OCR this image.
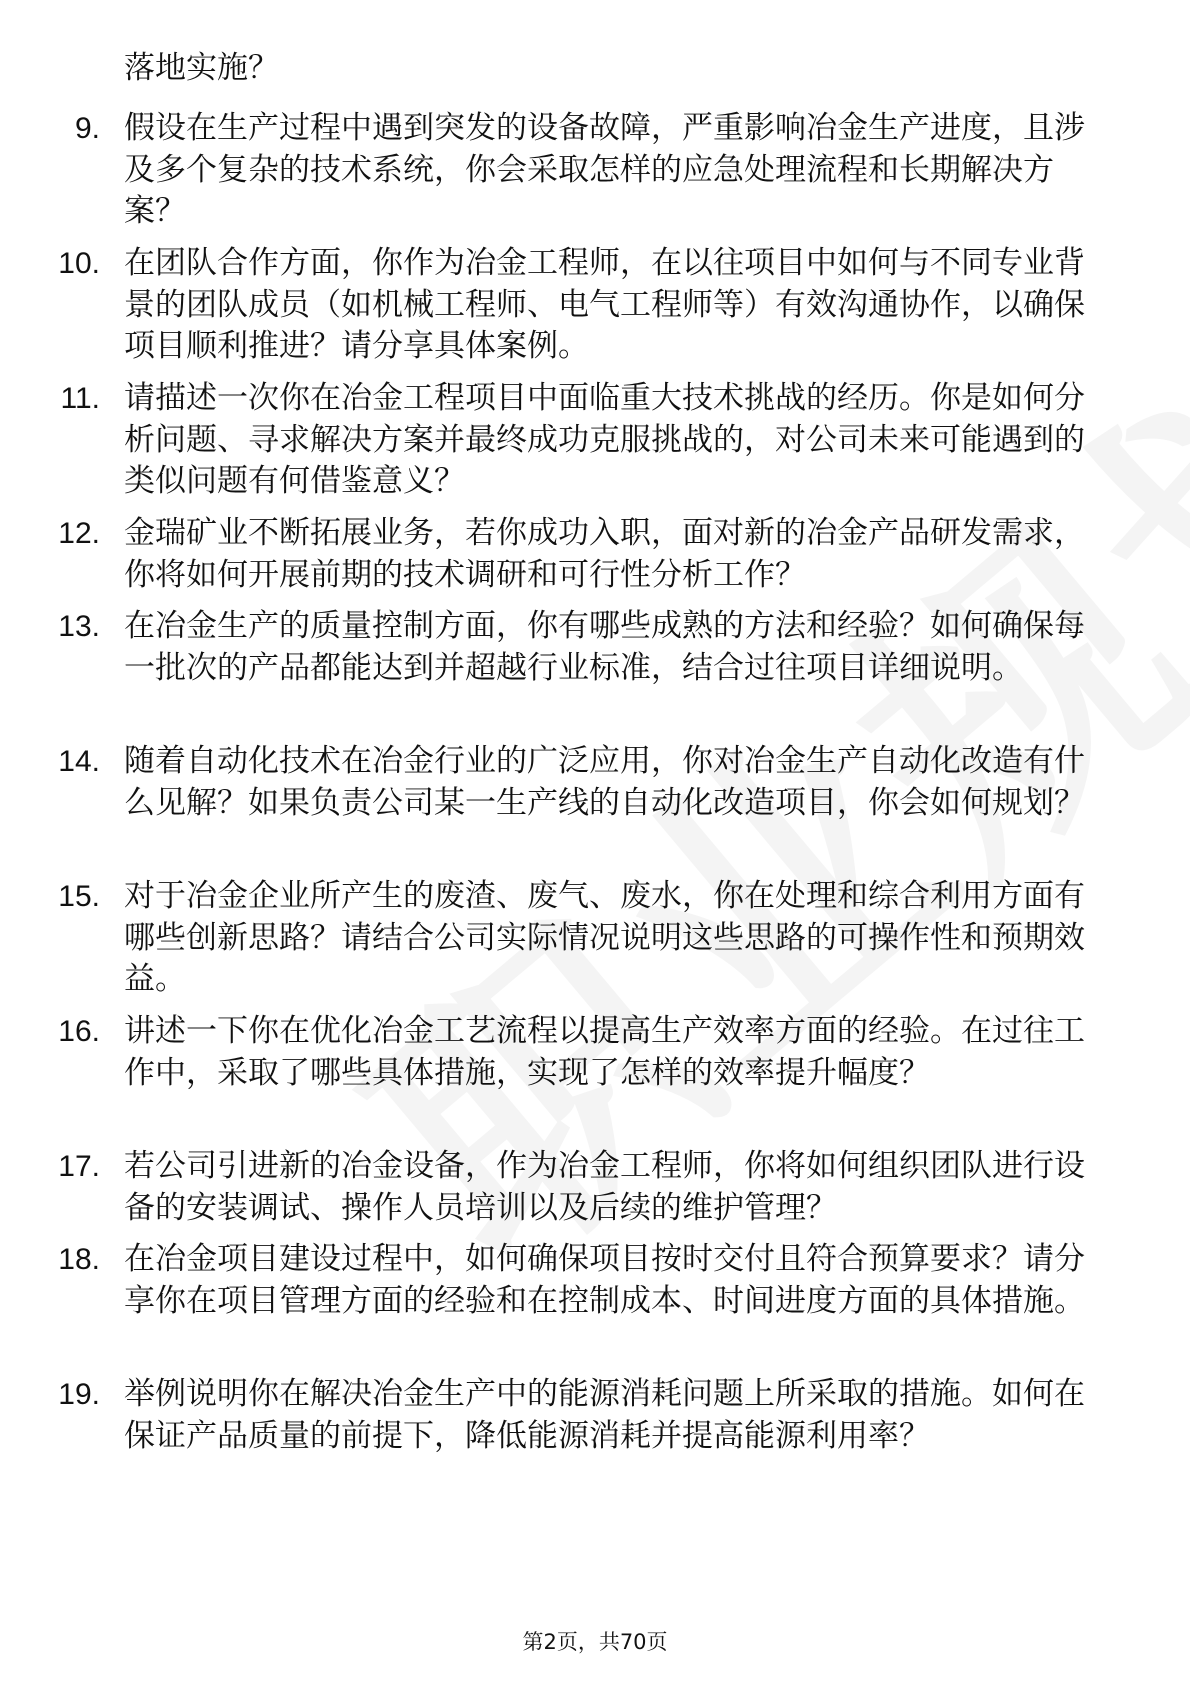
落地实施？

9. 假设在生产过程中遇到突发的设备故障，严重影响冶金生产进度，且涉及多个复杂的技术系统，你会采取怎样的应急处理流程和长期解决方案？

10. 在团队合作方面，你作为冶金工程师，在以往项目中如何与不同专业背景的团队成员（如机械工程师、电气工程师等）有效沟通协作，以确保项目顺利推进？请分享具体案例。

11. 请描述一次你在冶金工程项目中面临重大技术挑战的经历。你是如何分析问题、寻求解决方案并最终成功克服挑战的，对公司未来可能遇到的类似问题有何借鉴意义？

12. 金瑞矿业不断拓展业务，若你成功入职，面对新的冶金产品研发需求，你将如何开展前期的技术调研和可行性分析工作？

13. 在冶金生产的质量控制方面，你有哪些成熟的方法和经验？如何确保每一批次的产品都能达到并超越行业标准，结合过往项目详细说明。

14. 随着自动化技术在冶金行业的广泛应用，你对冶金生产自动化改造有什么见解？如果负责公司某一生产线的自动化改造项目，你会如何规划？

15. 对于冶金企业所产生的废渣、废气、废水，你在处理和综合利用方面有哪些创新思路？请结合公司实际情况说明这些思路的可操作性和预期效益。

16. 讲述一下你在优化冶金工艺流程以提高生产效率方面的经验。在过往工作中，采取了哪些具体措施，实现了怎样的效率提升幅度？

17. 若公司引进新的冶金设备，作为冶金工程师，你将如何组织团队进行设备的安装调试、操作人员培训以及后续的维护管理？

18. 在冶金项目建设过程中，如何确保项目按时交付且符合预算要求？请分享你在项目管理方面的经验和在控制成本、时间进度方面的具体措施。

19. 举例说明你在解决冶金生产中的能源消耗问题上所采取的措施。如何在保证产品质量的前提下，降低能源消耗并提高能源利用率？

第2页，共70页
